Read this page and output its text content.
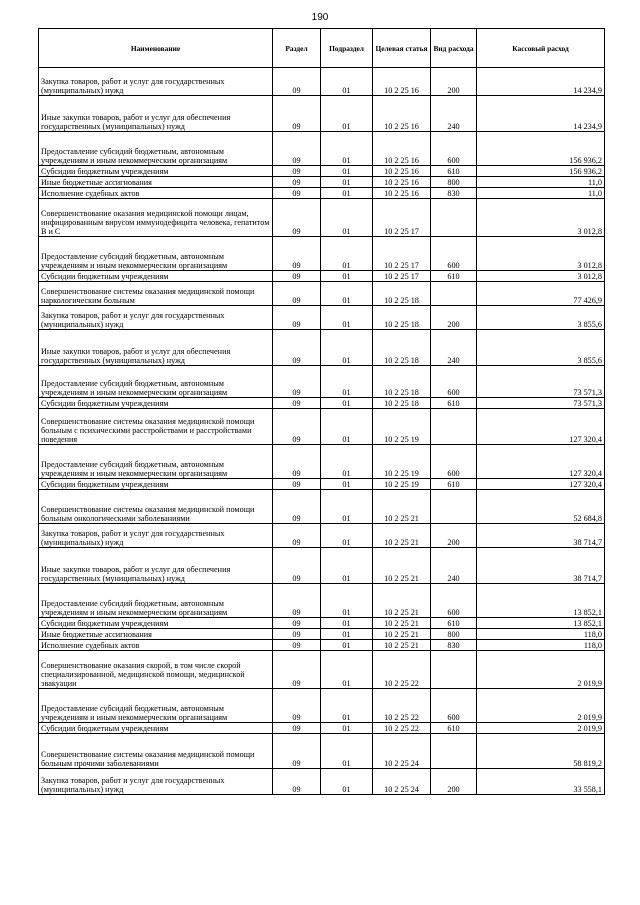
190
Наименование	Раздел	Подраздел	Целевая статья	Вид расхода	Кассовый расход
Закупка товаров, работ и услуг для государственных (муниципальных) нужд	09	01	10 2 25 16	200	14 234,9
Иные закупки товаров, работ и услуг для обеспечения государственных (муниципальных) нужд	09	01	10 2 25 16	240	14 234,9
Предоставление субсидий бюджетным, автономным учреждениям и иным некоммерческим организациям	09	01	10 2 25 16	600	156 936,2
Субсидии бюджетным учреждениям	09	01	10 2 25 16	610	156 936,2
Иные бюджетные ассигнования	09	01	10 2 25 16	800	11,0
Исполнение судебных актов	09	01	10 2 25 16	830	11,0
Совершенствование оказания медицинской помощи лицам, инфицированным вирусом иммунодефицита человека, гепатитом В и С	09	01	10 2 25 17		3 012,8
Предоставление субсидий бюджетным, автономным учреждениям и иным некоммерческим организациям	09	01	10 2 25 17	600	3 012,8
Субсидии бюджетным учреждениям	09	01	10 2 25 17	610	3 012,8
Совершенствование системы оказания медицинской помощи наркологическим больным	09	01	10 2 25 18		77 426,9
Закупка товаров, работ и услуг для государственных (муниципальных) нужд	09	01	10 2 25 18	200	3 855,6
Иные закупки товаров, работ и услуг для обеспечения государственных (муниципальных) нужд	09	01	10 2 25 18	240	3 855,6
Предоставление субсидий бюджетным, автономным учреждениям и иным некоммерческим организациям	09	01	10 2 25 18	600	73 571,3
Субсидии бюджетным учреждениям	09	01	10 2 25 18	610	73 571,3
Совершенствование системы оказания медицинской помощи больным с психическими расстройствами и расстройствами поведения	09	01	10 2 25 19		127 320,4
Предоставление субсидий бюджетным, автономным учреждениям и иным некоммерческим организациям	09	01	10 2 25 19	600	127 320,4
Субсидии бюджетным учреждениям	09	01	10 2 25 19	610	127 320,4
Совершенствование системы оказания медицинской помощи больным онкологическими заболеваниями	09	01	10 2 25 21		52 684,8
Закупка товаров, работ и услуг для государственных (муниципальных) нужд	09	01	10 2 25 21	200	38 714,7
Иные закупки товаров, работ и услуг для обеспечения государственных (муниципальных) нужд	09	01	10 2 25 21	240	38 714,7
Предоставление субсидий бюджетным, автономным учреждениям и иным некоммерческим организациям	09	01	10 2 25 21	600	13 852,1
Субсидии бюджетным учреждениям	09	01	10 2 25 21	610	13 852,1
Иные бюджетные ассигнования	09	01	10 2 25 21	800	118,0
Исполнение судебных актов	09	01	10 2 25 21	830	118,0
Совершенствование оказания скорой, в том числе скорой специализированной, медицинской помощи, медицинской эвакуации	09	01	10 2 25 22		2 019,9
Предоставление субсидий бюджетным, автономным учреждениям и иным некоммерческим организациям	09	01	10 2 25 22	600	2 019,9
Субсидии бюджетным учреждениям	09	01	10 2 25 22	610	2 019,9
Совершенствование системы оказания медицинской помощи больным прочими заболеваниями	09	01	10 2 25 24		58 819,2
Закупка товаров, работ и услуг для государственных (муниципальных) нужд	09	01	10 2 25 24	200	33 558,1
